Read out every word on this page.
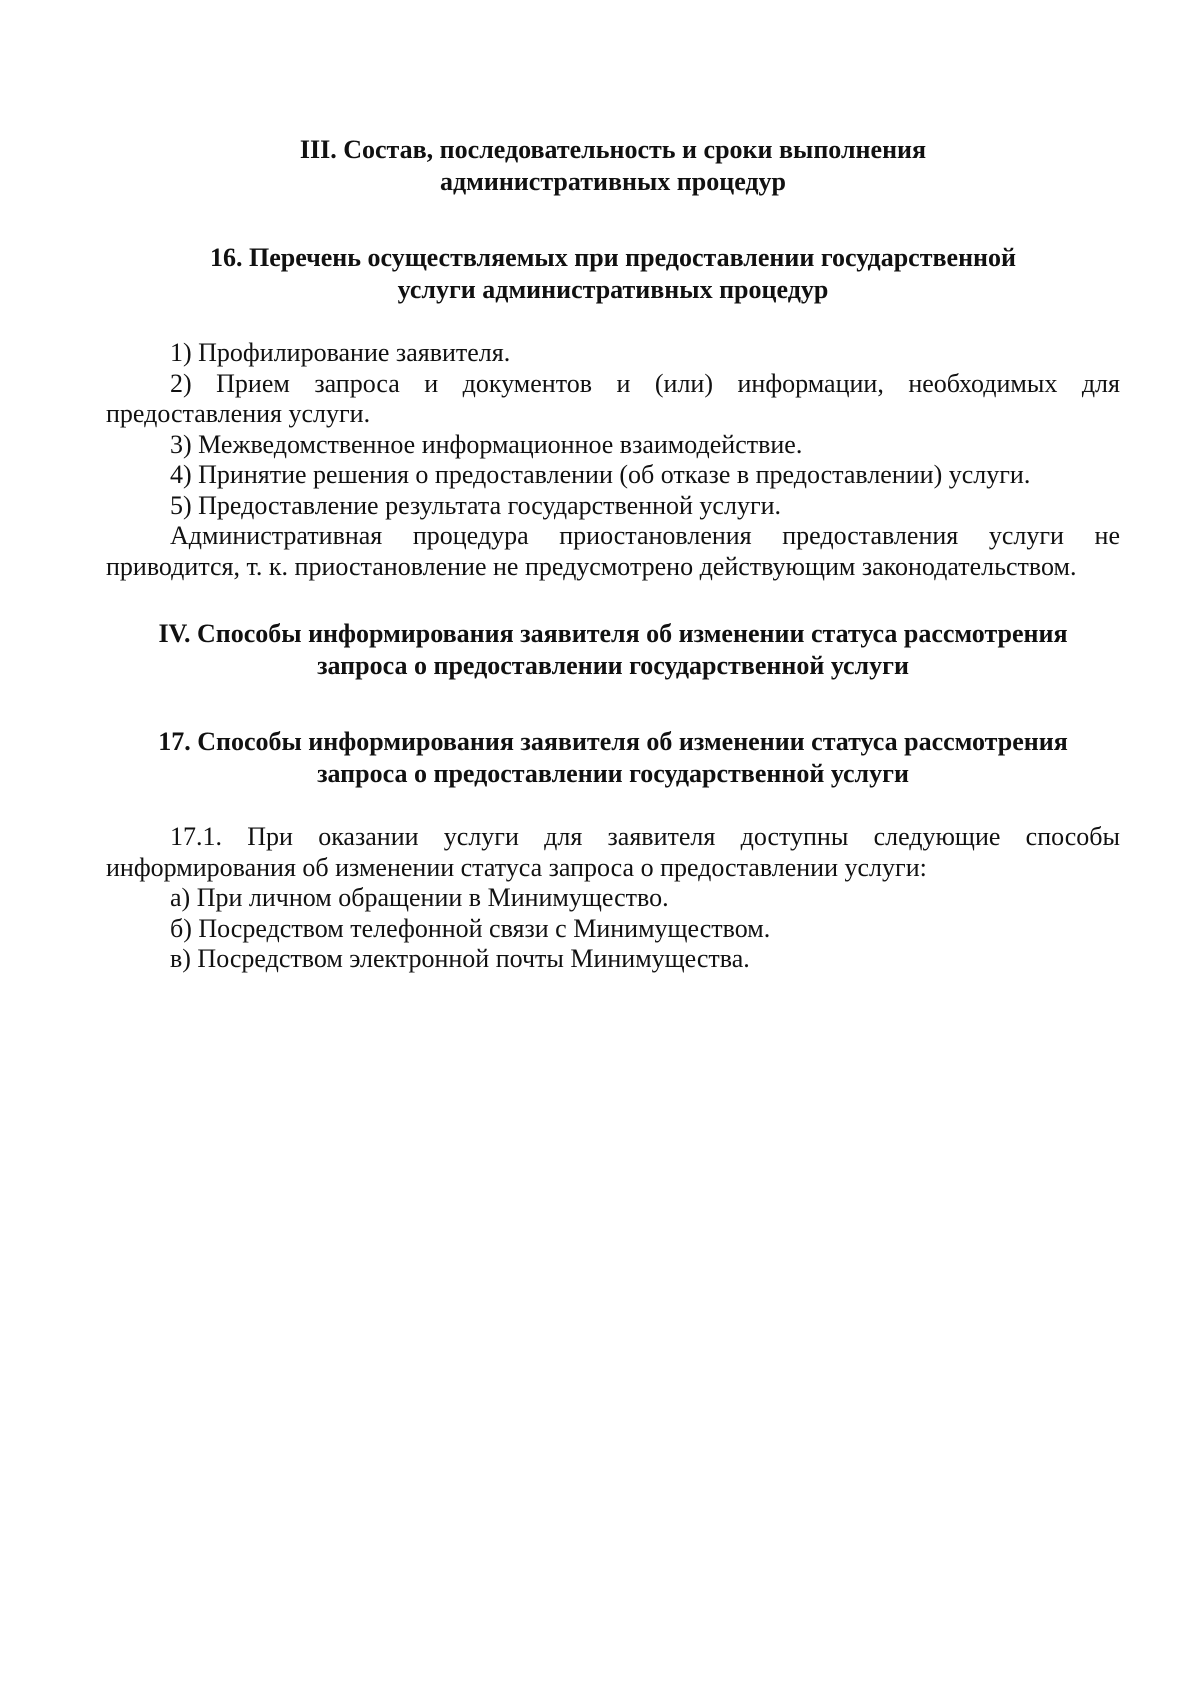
III. Состав, последовательность и сроки выполнения
административных процедур
16. Перечень осуществляемых при предоставлении государственной
услуги административных процедур

1) Профилирование заявителя.

2) Прием запроса и документов и (или) информации, необходимых для предоставления услуги.

3) Межведомственное информационное взаимодействие.

4) Принятие решения о предоставлении (об отказе в предоставлении) услуги.

5) Предоставление результата государственной услуги.

Административная процедура приостановления предоставления услуги не приводится, т. к. приостановление не предусмотрено действующим законодательством.

IV. Способы информирования заявителя об изменении статуса рассмотрения
запроса о предоставлении государственной услуги
17. Способы информирования заявителя об изменении статуса рассмотрения
запроса о предоставлении государственной услуги

17.1. При оказании услуги для заявителя доступны следующие способы информирования об изменении статуса запроса о предоставлении услуги:

а) При личном обращении в Минимущество.

б) Посредством телефонной связи с Минимуществом.

в) Посредством электронной почты Минимущества.
